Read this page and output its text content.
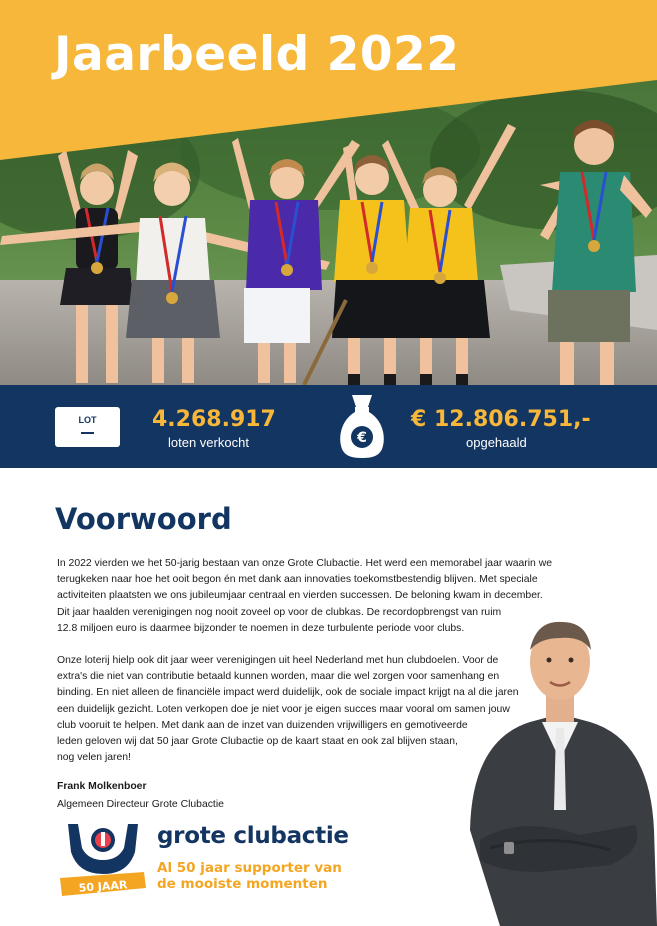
Jaarbeeld 2022
LOT	4.268.917
loten verkocht	€
€ 12.806.751,-
opgehaald
Voorwoord

In 2022 vierden we het 50-jarig bestaan van onze Grote Clubactie. Het werd een memorabel jaar waarin we
terugkeken naar hoe het ooit begon én met dank aan innovaties toekomstbestendig blijven. Met speciale
activiteiten plaatsten we ons jubileumjaar centraal en vierden successen. De beloning kwam in december.
Dit jaar haalden verenigingen nog nooit zoveel op voor de clubkas. De recordopbrengst van ruim
12.8 miljoen euro is daarmee bijzonder te noemen in deze turbulente periode voor clubs.

Onze loterij hielp ook dit jaar weer verenigingen uit heel Nederland met hun clubdoelen. Voor de
extra's die niet van contributie betaald kunnen worden, maar die wel zorgen voor samenhang en
binding. En niet alleen de financiële impact werd duidelijk, ook de sociale impact krijgt na al die jaren
een duidelijk gezicht. Loten verkopen doe je niet voor je eigen succes maar vooral om samen jouw
club vooruit te helpen. Met dank aan de inzet van duizenden vrijwilligers en gemotiveerde
leden geloven wij dat 50 jaar Grote Clubactie op de kaart staat en ook zal blijven staan,
nog velen jaren!

Frank Molkenboer
Algemeen Directeur Grote Clubactie
50 JAAR
grote clubactie
Al 50 jaar supporter van
de mooiste momenten
